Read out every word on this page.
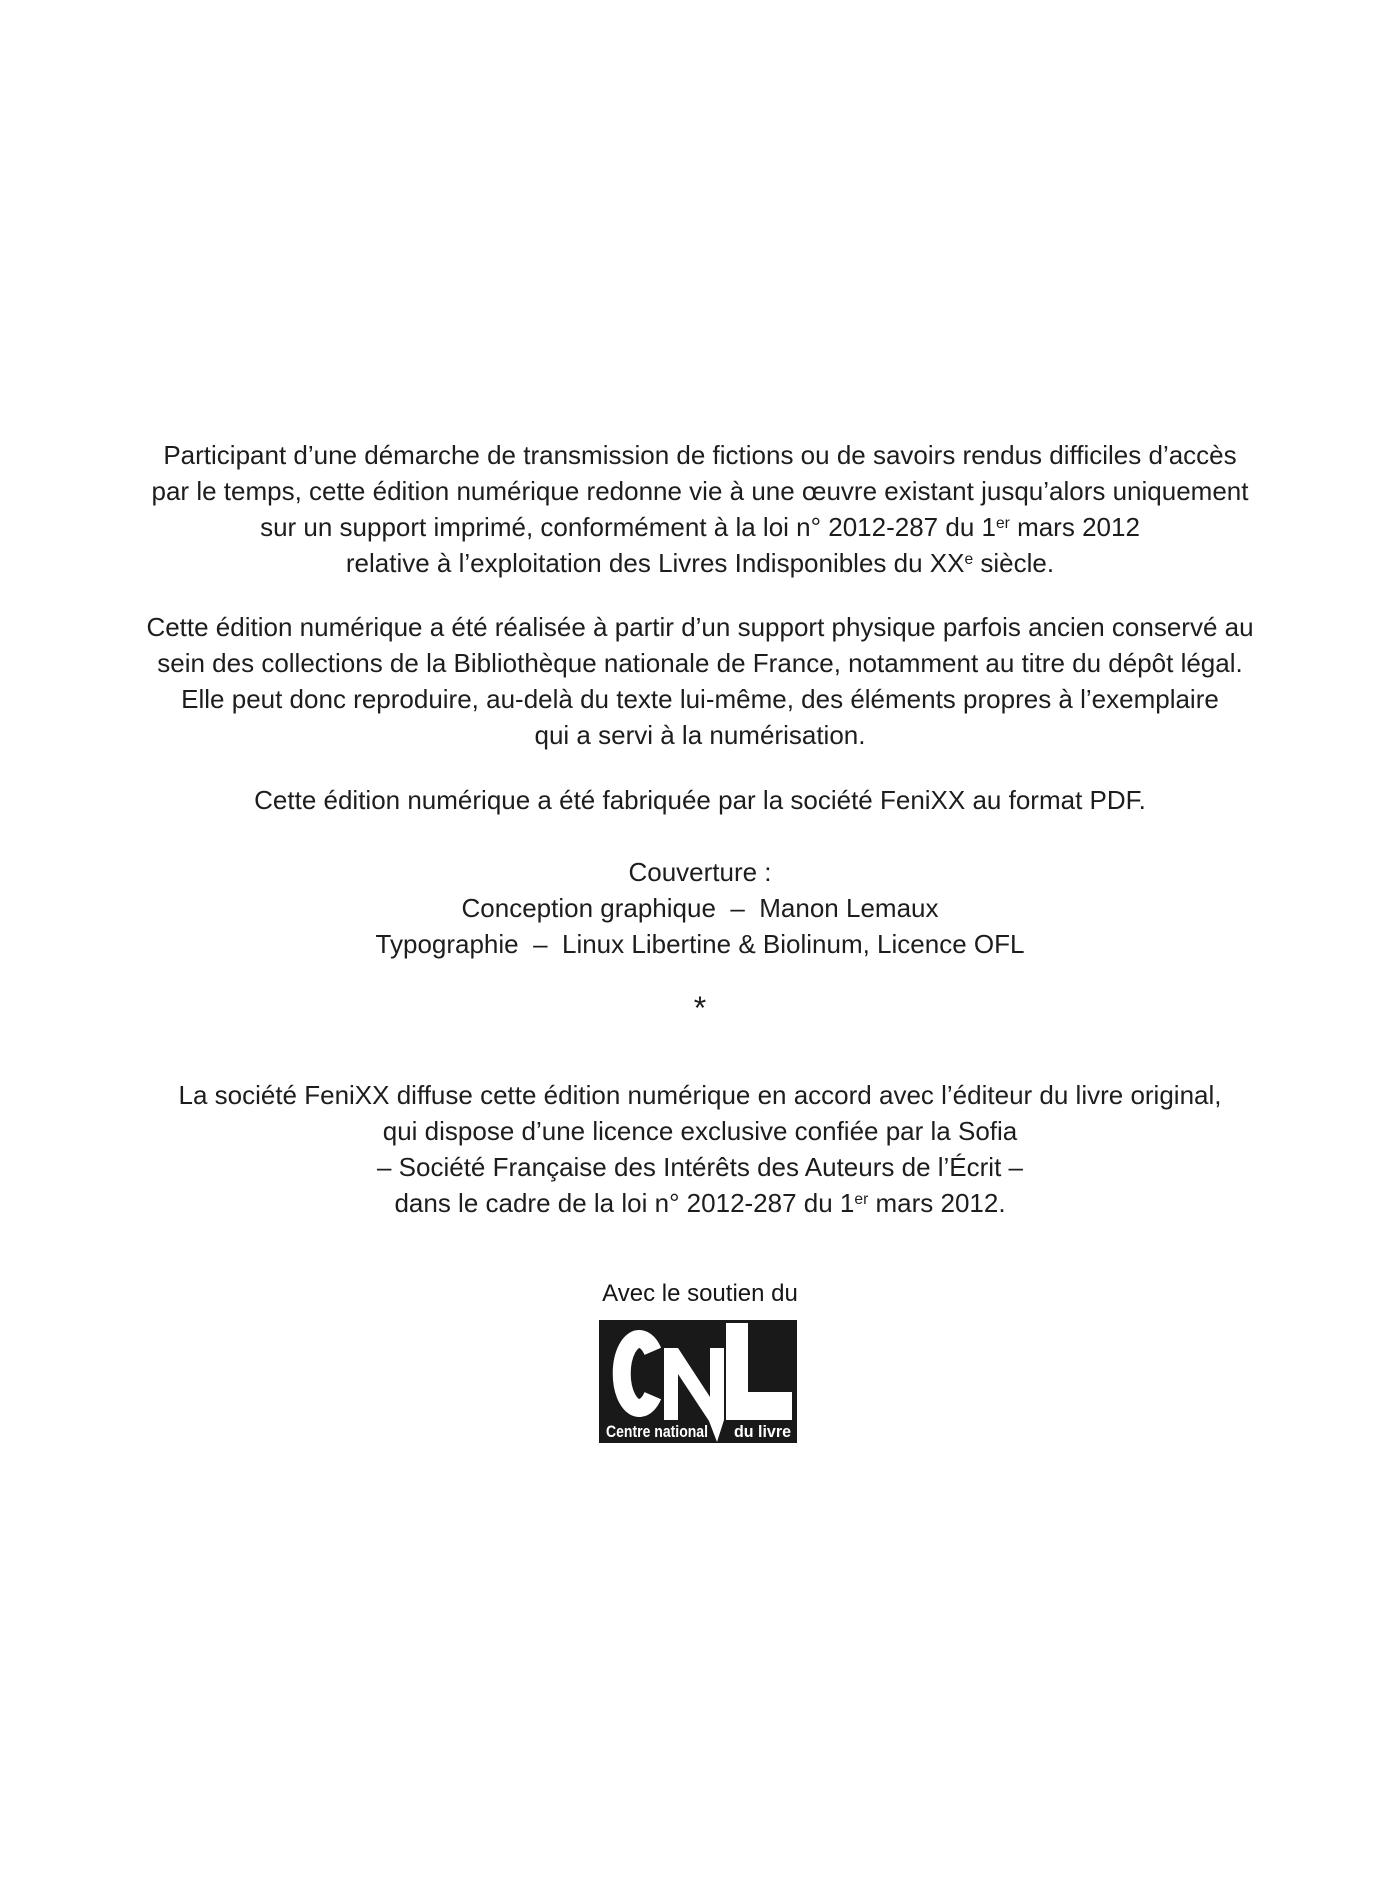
Participant d’une démarche de transmission de fictions ou de savoirs rendus difficiles d’accès
par le temps, cette édition numérique redonne vie à une œuvre existant jusqu’alors uniquement
sur un support imprimé, conformément à la loi n° 2012-287 du 1er mars 2012
relative à l’exploitation des Livres Indisponibles du XXe siècle.
Cette édition numérique a été réalisée à partir d’un support physique parfois ancien conservé au
sein des collections de la Bibliothèque nationale de France, notamment au titre du dépôt légal.
Elle peut donc reproduire, au-delà du texte lui-même, des éléments propres à l’exemplaire
qui a servi à la numérisation.
Cette édition numérique a été fabriquée par la société FeniXX au format PDF.
Couverture :
Conception graphique  –  Manon Lemaux
Typographie  –  Linux Libertine & Biolinum, Licence OFL
*
La société FeniXX diffuse cette édition numérique en accord avec l’éditeur du livre original,
qui dispose d’une licence exclusive confiée par la Sofia
– Société Française des Intérêts des Auteurs de l’Écrit –
dans le cadre de la loi n° 2012-287 du 1er mars 2012.
Avec le soutien du
Centre national du livre
